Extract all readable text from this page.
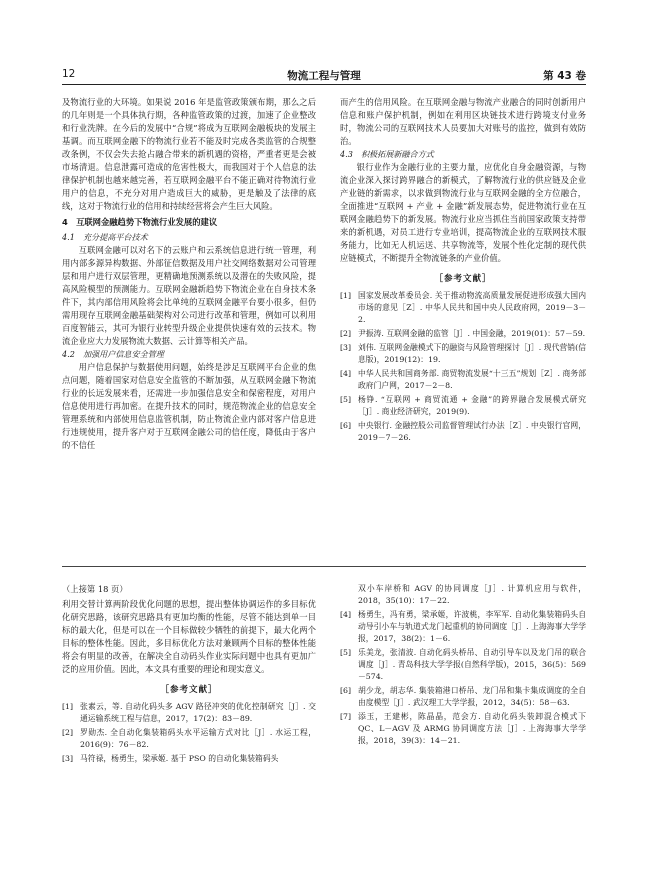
12	物流工程与管理	第 43 卷

及物流行业的大环境。如果说 2016 年是监管政策颁布期，那么之后的几年则是一个具体执行期，各种监管政策的过渡，加速了企业整改和行业洗牌。在今后的发展中“合规”将成为互联网金融板块的发展主基调。而互联网金融下的物流行业若不能及时完成各类监管的合规整改条例，不仅会失去抢占融合带来的新机遇的资格，严重者更是会被市场清退。信息泄露可造成的危害性极大，而我国对于个人信息的法律保护机制也越来越完善，若互联网金融平台不能正确对待物流行业用户的信息，不充分对用户造成巨大的威胁，更是触及了法律的底线，这对于物流行业的信用和持续经营将会产生巨大风险。

4　互联网金融趋势下物流行业发展的建议
4.1　充分提高平台技术

互联网金融可以对名下的云账户和云系统信息进行统一管理，利用内部多源异构数据、外部征信数据及用户社交网络数据对公司管理层和用户进行双层管理，更精确地预测系统以及潜在的失败风险，提高风险模型的预测能力。互联网金融新趋势下物流企业在自身技术条件下，其内部信用风险将会比单纯的互联网金融平台要小很多，但仍需用现存互联网金融基础架构对公司进行改革和管理，例如可以利用百度智能云，其可为银行业转型升级企业提供快速有效的云技术。物流企业应大力发展物流大数据、云计算等相关产品。

4.2　加强用户信息安全管理

用户信息保护与数据使用问题，始终是涉足互联网平台企业的焦点问题，随着国家对信息安全监管的不断加强，从互联网金融下物流行业的长远发展来看，还需进一步加强信息安全和保密程度，对用户信息使用进行再加密。在提升技术的同时，规范物流企业的信息安全管理系统和内部使用信息监管机制，防止物流企业内部对客户信息进行违规使用，提升客户对于互联网金融公司的信任度，降低由于客户的不信任

而产生的信用风险。在互联网金融与物流产业融合的同时创新用户信息和账户保护机制，例如在利用区块链技术进行跨境支付业务时，物流公司的互联网技术人员要加大对账号的监控，做到有效防治。

4.3　积极拓展新融合方式

银行业作为金融行业的主要力量，应优化自身金融资源，与物流企业深入探讨跨界融合的新模式，了解物流行业的供应链及企业产业链的新需求，以求做到物流行业与互联网金融的全方位融合，全面推进“互联网 + 产业 + 金融”新发展态势，促进物流行业在互联网金融趋势下的新发展。物流行业应当抓住当前国家政策支持带来的新机遇，对员工进行专业培训，提高物流企业的互联网技术服务能力，比如无人机运送、共享物流等，发展个性化定制的现代供应链模式，不断提升全物流链条的产业价值。

［参考文献］
[1] 国家发展改革委员会. 关于推动物流高质量发展促进形成强大国内市场的意见［Z］. 中华人民共和国中央人民政府网，2019－3－2.
[2] 尹振涛. 互联网金融的监管［J］. 中国金融，2019(01)：57－59.
[3] 刘伟. 互联网金融模式下的融资与风险管理探讨［J］. 现代营销(信息版)，2019(12)：19.
[4] 中华人民共和国商务部. 商贸物流发展“十三五”规划［Z］. 商务部政府门户网，2017－2－8.
[5] 杨铮. “互联网 + 商贸流通 + 金融”的跨界融合发展模式研究［J］. 商业经济研究，2019(9).
[6] 中央银行. 金融控股公司监督管理试行办法［Z］. 中央银行官网，2019－7－26.
（上接第 18 页）

利用交替计算两阶段优化问题的思想，提出整体协调运作的多目标优化研究思路，该研究思路具有更加均衡的性能，尽管不能达到单一目标的最大化，但是可以在一个目标做较少牺牲的前提下，最大化两个目标的整体性能。因此，多目标优化方法对兼顾两个目标的整体性能将会有明显的改善，在解决全自动码头作业实际问题中也具有更加广泛的应用价值。因此，本文具有重要的理论和现实意义。

［参考文献］
[1] 张素云，等. 自动化码头多 AGV 路径冲突的优化控制研究［J］. 交通运输系统工程与信息，2017，17(2)：83－89.
[2] 罗勋杰. 全自动化集装箱码头水平运输方式对比［J］. 水运工程，2016(9)：76－82.
[3] 马符禄，杨勇生，梁承姬. 基于 PSO 的自动化集装箱码头
双小车岸桥和 AGV 的协同调度［J］. 计算机应用与软件，2018，35(10)：17－22.
[4] 杨勇生，冯有勇，梁承姬，许波桃，李军军. 自动化集装箱码头自动导引小车与轨道式龙门起重机的协同调度［J］. 上海海事大学学报，2017，38(2)：1－6.
[5] 乐美龙，张清波. 自动化码头桥吊、自动引导车以及龙门吊的联合调度［J］. 青岛科技大学学报(自然科学版)，2015，36(5)：569－574.
[6] 胡少龙，胡志华. 集装箱港口桥吊、龙门吊和集卡集成调度的全自由度模型［J］. 武汉理工大学学报，2012，34(5)：58－63.
[7] 添玉，王建彬，陈晶晶，范会方. 自动化码头装卸混合模式下 QC、L－AGV 及 ARMG 协同调度方法［J］. 上海海事大学学报，2018，39(3)：14－21.
